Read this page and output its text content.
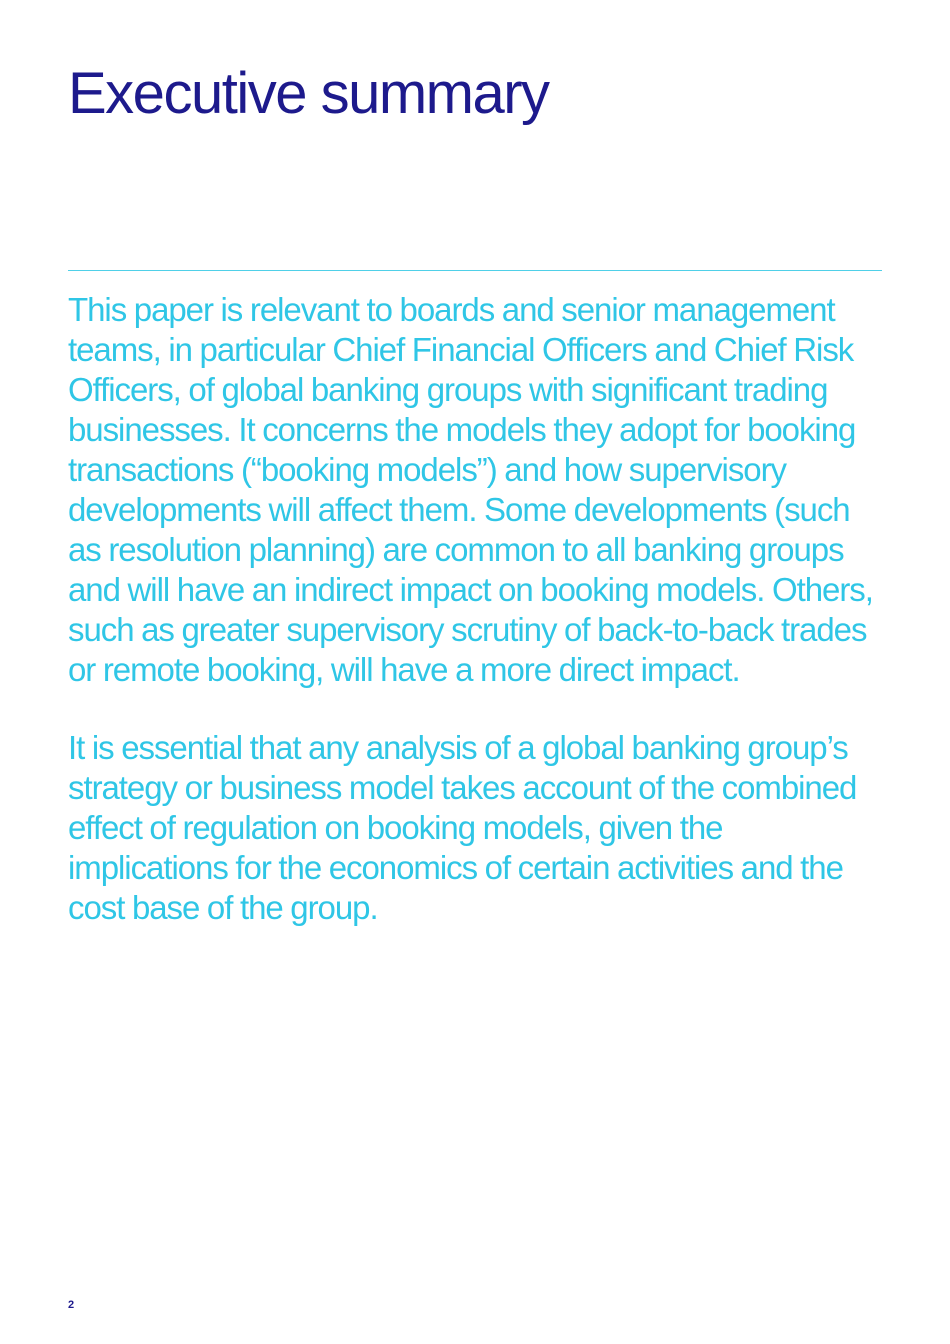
Executive summary

This paper is relevant to boards and senior management teams, in particular Chief Financial Officers and Chief Risk Officers, of global banking groups with significant trading businesses. It concerns the models they adopt for booking transactions (“booking models”) and how supervisory developments will affect them. Some developments (such as resolution planning) are common to all banking groups and will have an indirect impact on booking models. Others, such as greater supervisory scrutiny of back-to-back trades or remote booking, will have a more direct impact.

It is essential that any analysis of a global banking group’s strategy or business model takes account of the combined effect of regulation on booking models, given the implications for the economics of certain activities and the cost base of the group.

2
